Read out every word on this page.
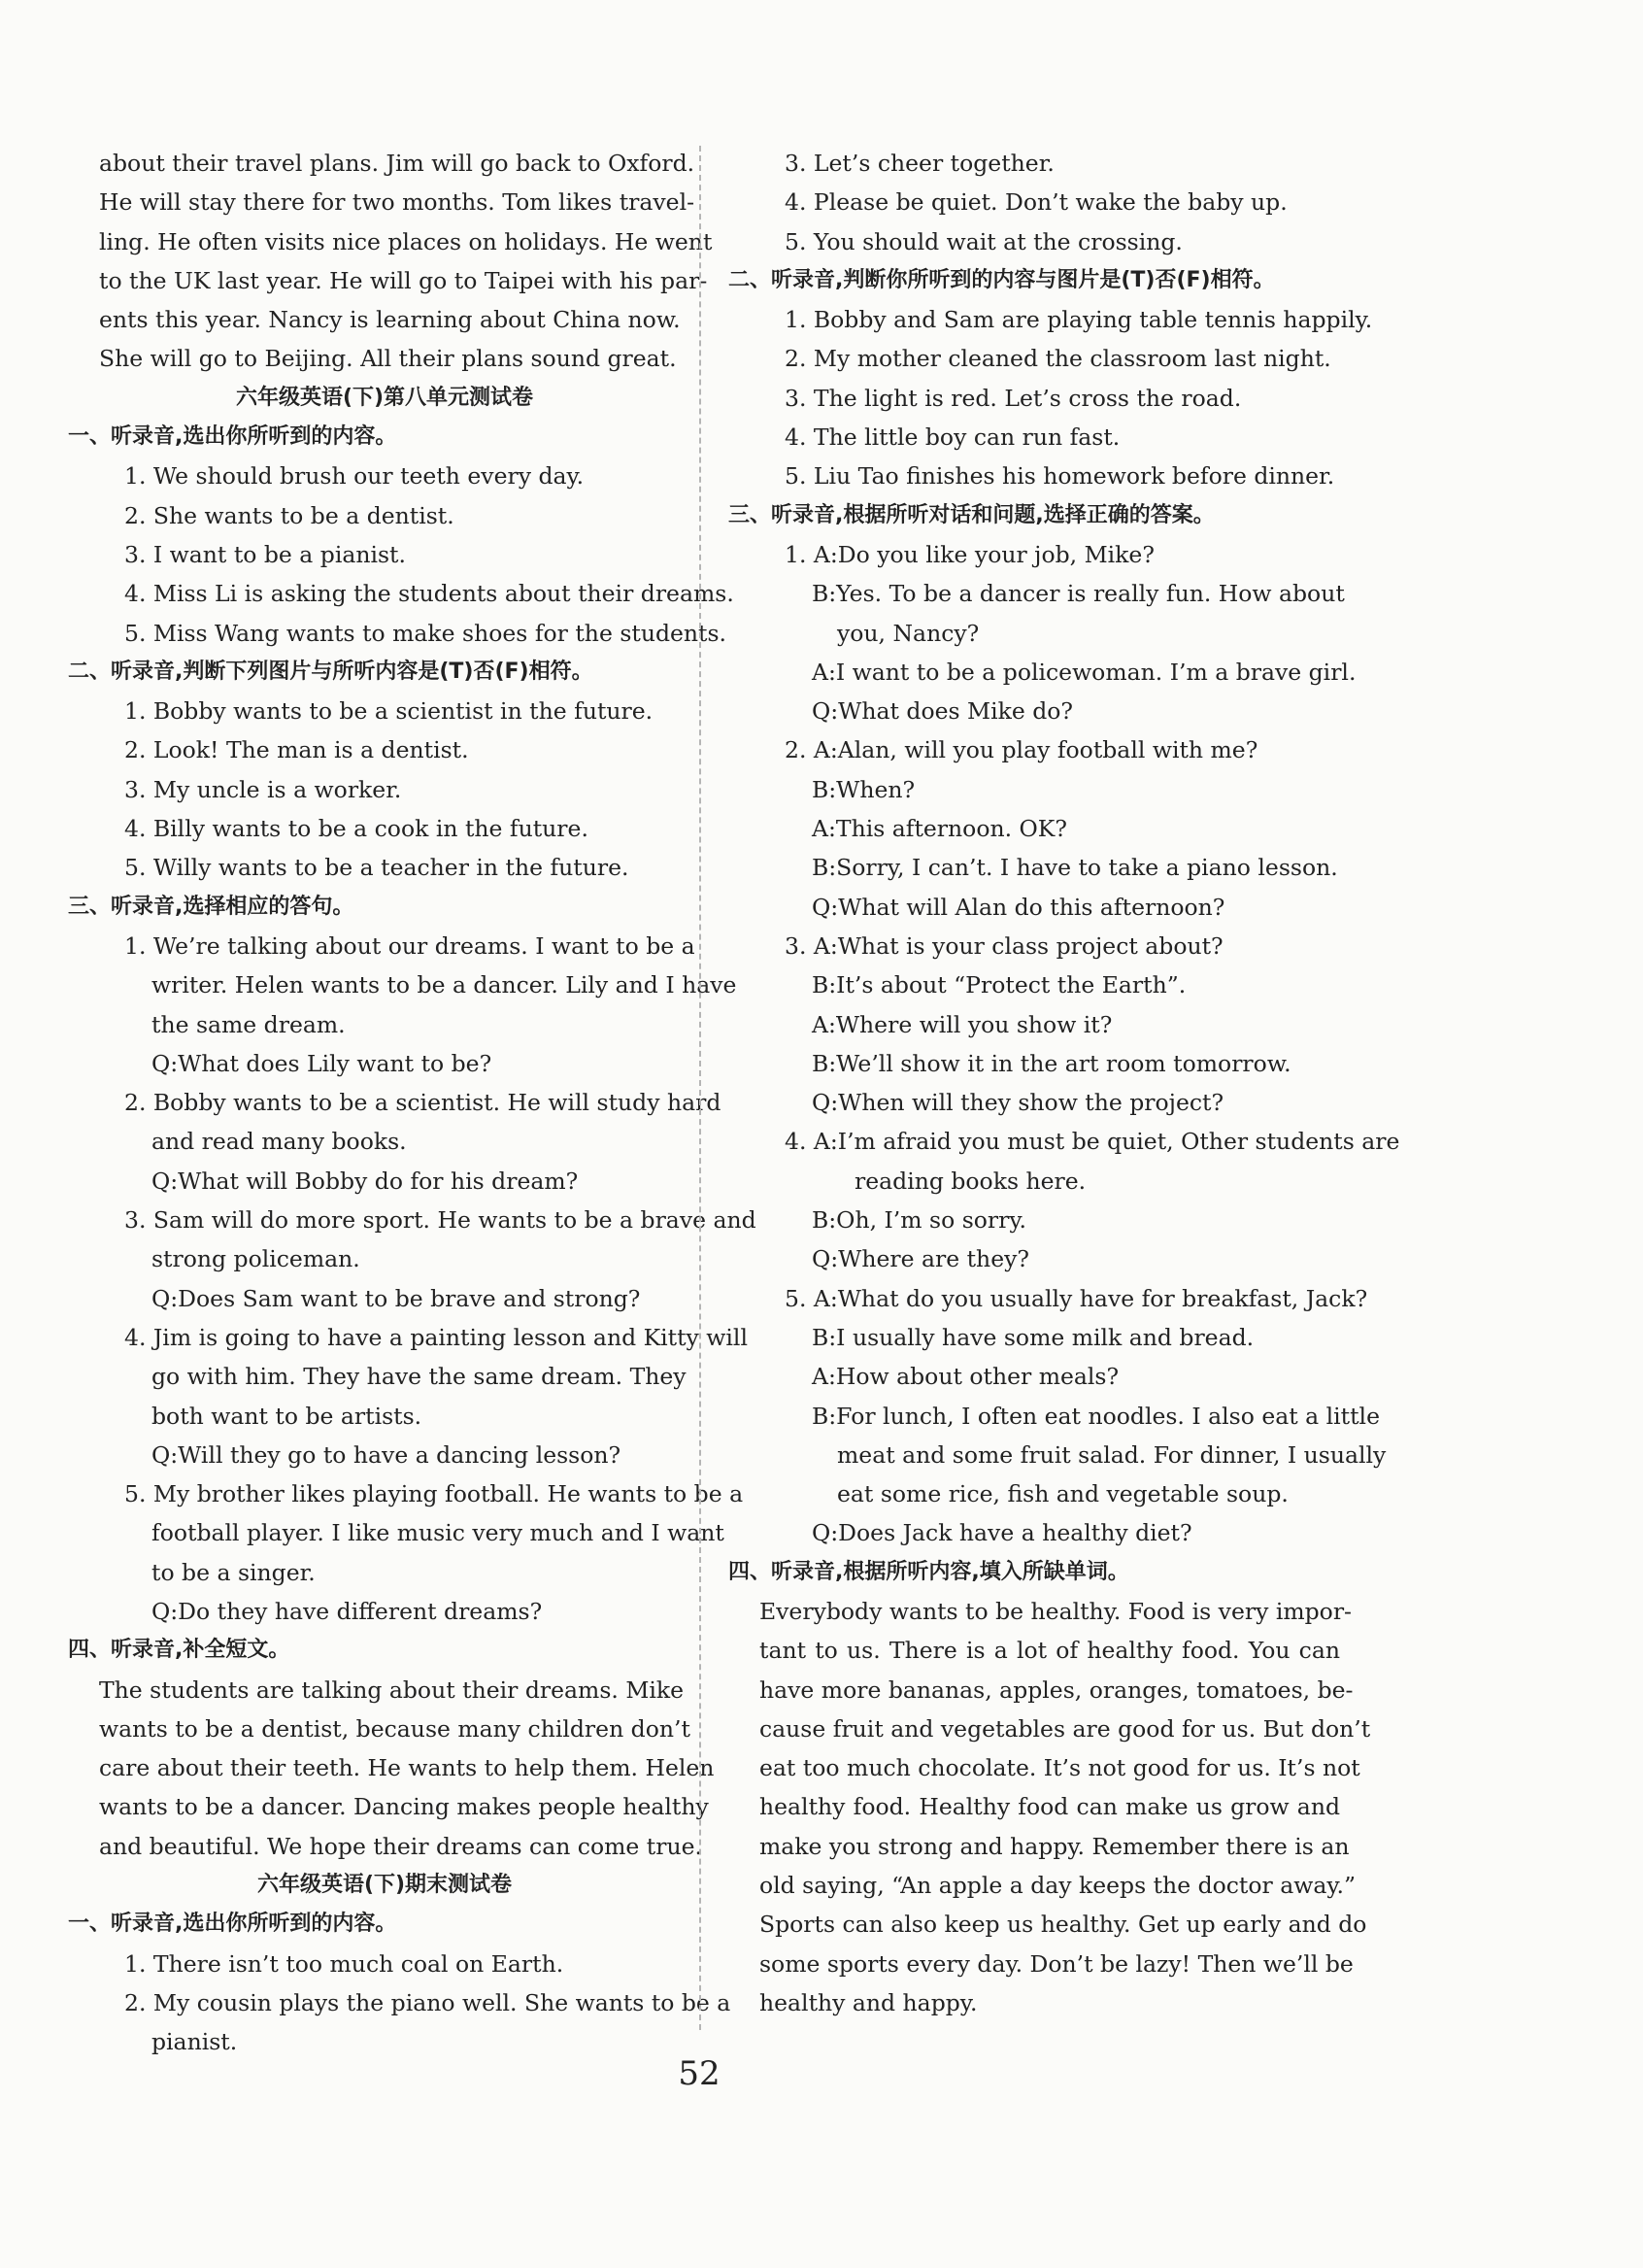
about their travel plans. Jim will go back to Oxford.
He will stay there for two months. Tom likes travel-
ling. He often visits nice places on holidays. He went
to the UK last year. He will go to Taipei with his par-
ents this year. Nancy is learning about China now.
She will go to Beijing. All their plans sound great.
六年级英语(下)第八单元测试卷
一、听录音,选出你所听到的内容。
1. We should brush our teeth every day.
2. She wants to be a dentist.
3. I want to be a pianist.
4. Miss Li is asking the students about their dreams.
5. Miss Wang wants to make shoes for the students.
二、听录音,判断下列图片与所听内容是(T)否(F)相符。
1. Bobby wants to be a scientist in the future.
2. Look! The man is a dentist.
3. My uncle is a worker.
4. Billy wants to be a cook in the future.
5. Willy wants to be a teacher in the future.
三、听录音,选择相应的答句。
1. We’re talking about our dreams. I want to be a
writer. Helen wants to be a dancer. Lily and I have
the same dream.
Q:What does Lily want to be?
2. Bobby wants to be a scientist. He will study hard
and read many books.
Q:What will Bobby do for his dream?
3. Sam will do more sport. He wants to be a brave and
strong policeman.
Q:Does Sam want to be brave and strong?
4. Jim is going to have a painting lesson and Kitty will
go with him. They have the same dream. They
both want to be artists.
Q:Will they go to have a dancing lesson?
5. My brother likes playing football. He wants to be a
football player. I like music very much and I want
to be a singer.
Q:Do they have different dreams?
四、听录音,补全短文。
The students are talking about their dreams. Mike
wants to be a dentist, because many children don’t
care about their teeth. He wants to help them. Helen
wants to be a dancer. Dancing makes people healthy
and beautiful. We hope their dreams can come true.
六年级英语(下)期末测试卷
一、听录音,选出你所听到的内容。
1. There isn’t too much coal on Earth.
2. My cousin plays the piano well. She wants to be a
pianist.
3. Let’s cheer together.
4. Please be quiet. Don’t wake the baby up.
5. You should wait at the crossing.
二、听录音,判断你所听到的内容与图片是(T)否(F)相符。
1. Bobby and Sam are playing table tennis happily.
2. My mother cleaned the classroom last night.
3. The light is red. Let’s cross the road.
4. The little boy can run fast.
5. Liu Tao finishes his homework before dinner.
三、听录音,根据所听对话和问题,选择正确的答案。
1. A:Do you like your job, Mike?
B:Yes. To be a dancer is really fun. How about
you, Nancy?
A:I want to be a policewoman. I’m a brave girl.
Q:What does Mike do?
2. A:Alan, will you play football with me?
B:When?
A:This afternoon. OK?
B:Sorry, I can’t. I have to take a piano lesson.
Q:What will Alan do this afternoon?
3. A:What is your class project about?
B:It’s about “Protect the Earth”.
A:Where will you show it?
B:We’ll show it in the art room tomorrow.
Q:When will they show the project?
4. A:I’m afraid you must be quiet, Other students are
reading books here.
B:Oh, I’m so sorry.
Q:Where are they?
5. A:What do you usually have for breakfast, Jack?
B:I usually have some milk and bread.
A:How about other meals?
B:For lunch, I often eat noodles. I also eat a little
meat and some fruit salad. For dinner, I usually
eat some rice, fish and vegetable soup.
Q:Does Jack have a healthy diet?
四、听录音,根据所听内容,填入所缺单词。
Everybody wants to be healthy. Food is very impor-
tant to us. There is a lot of healthy food. You can
have more bananas, apples, oranges, tomatoes, be-
cause fruit and vegetables are good for us. But don’t
eat too much chocolate. It’s not good for us. It’s not
healthy food. Healthy food can make us grow and
make you strong and happy. Remember there is an
old saying, “An apple a day keeps the doctor away.”
Sports can also keep us healthy. Get up early and do
some sports every day. Don’t be lazy! Then we’ll be
healthy and happy.
52
